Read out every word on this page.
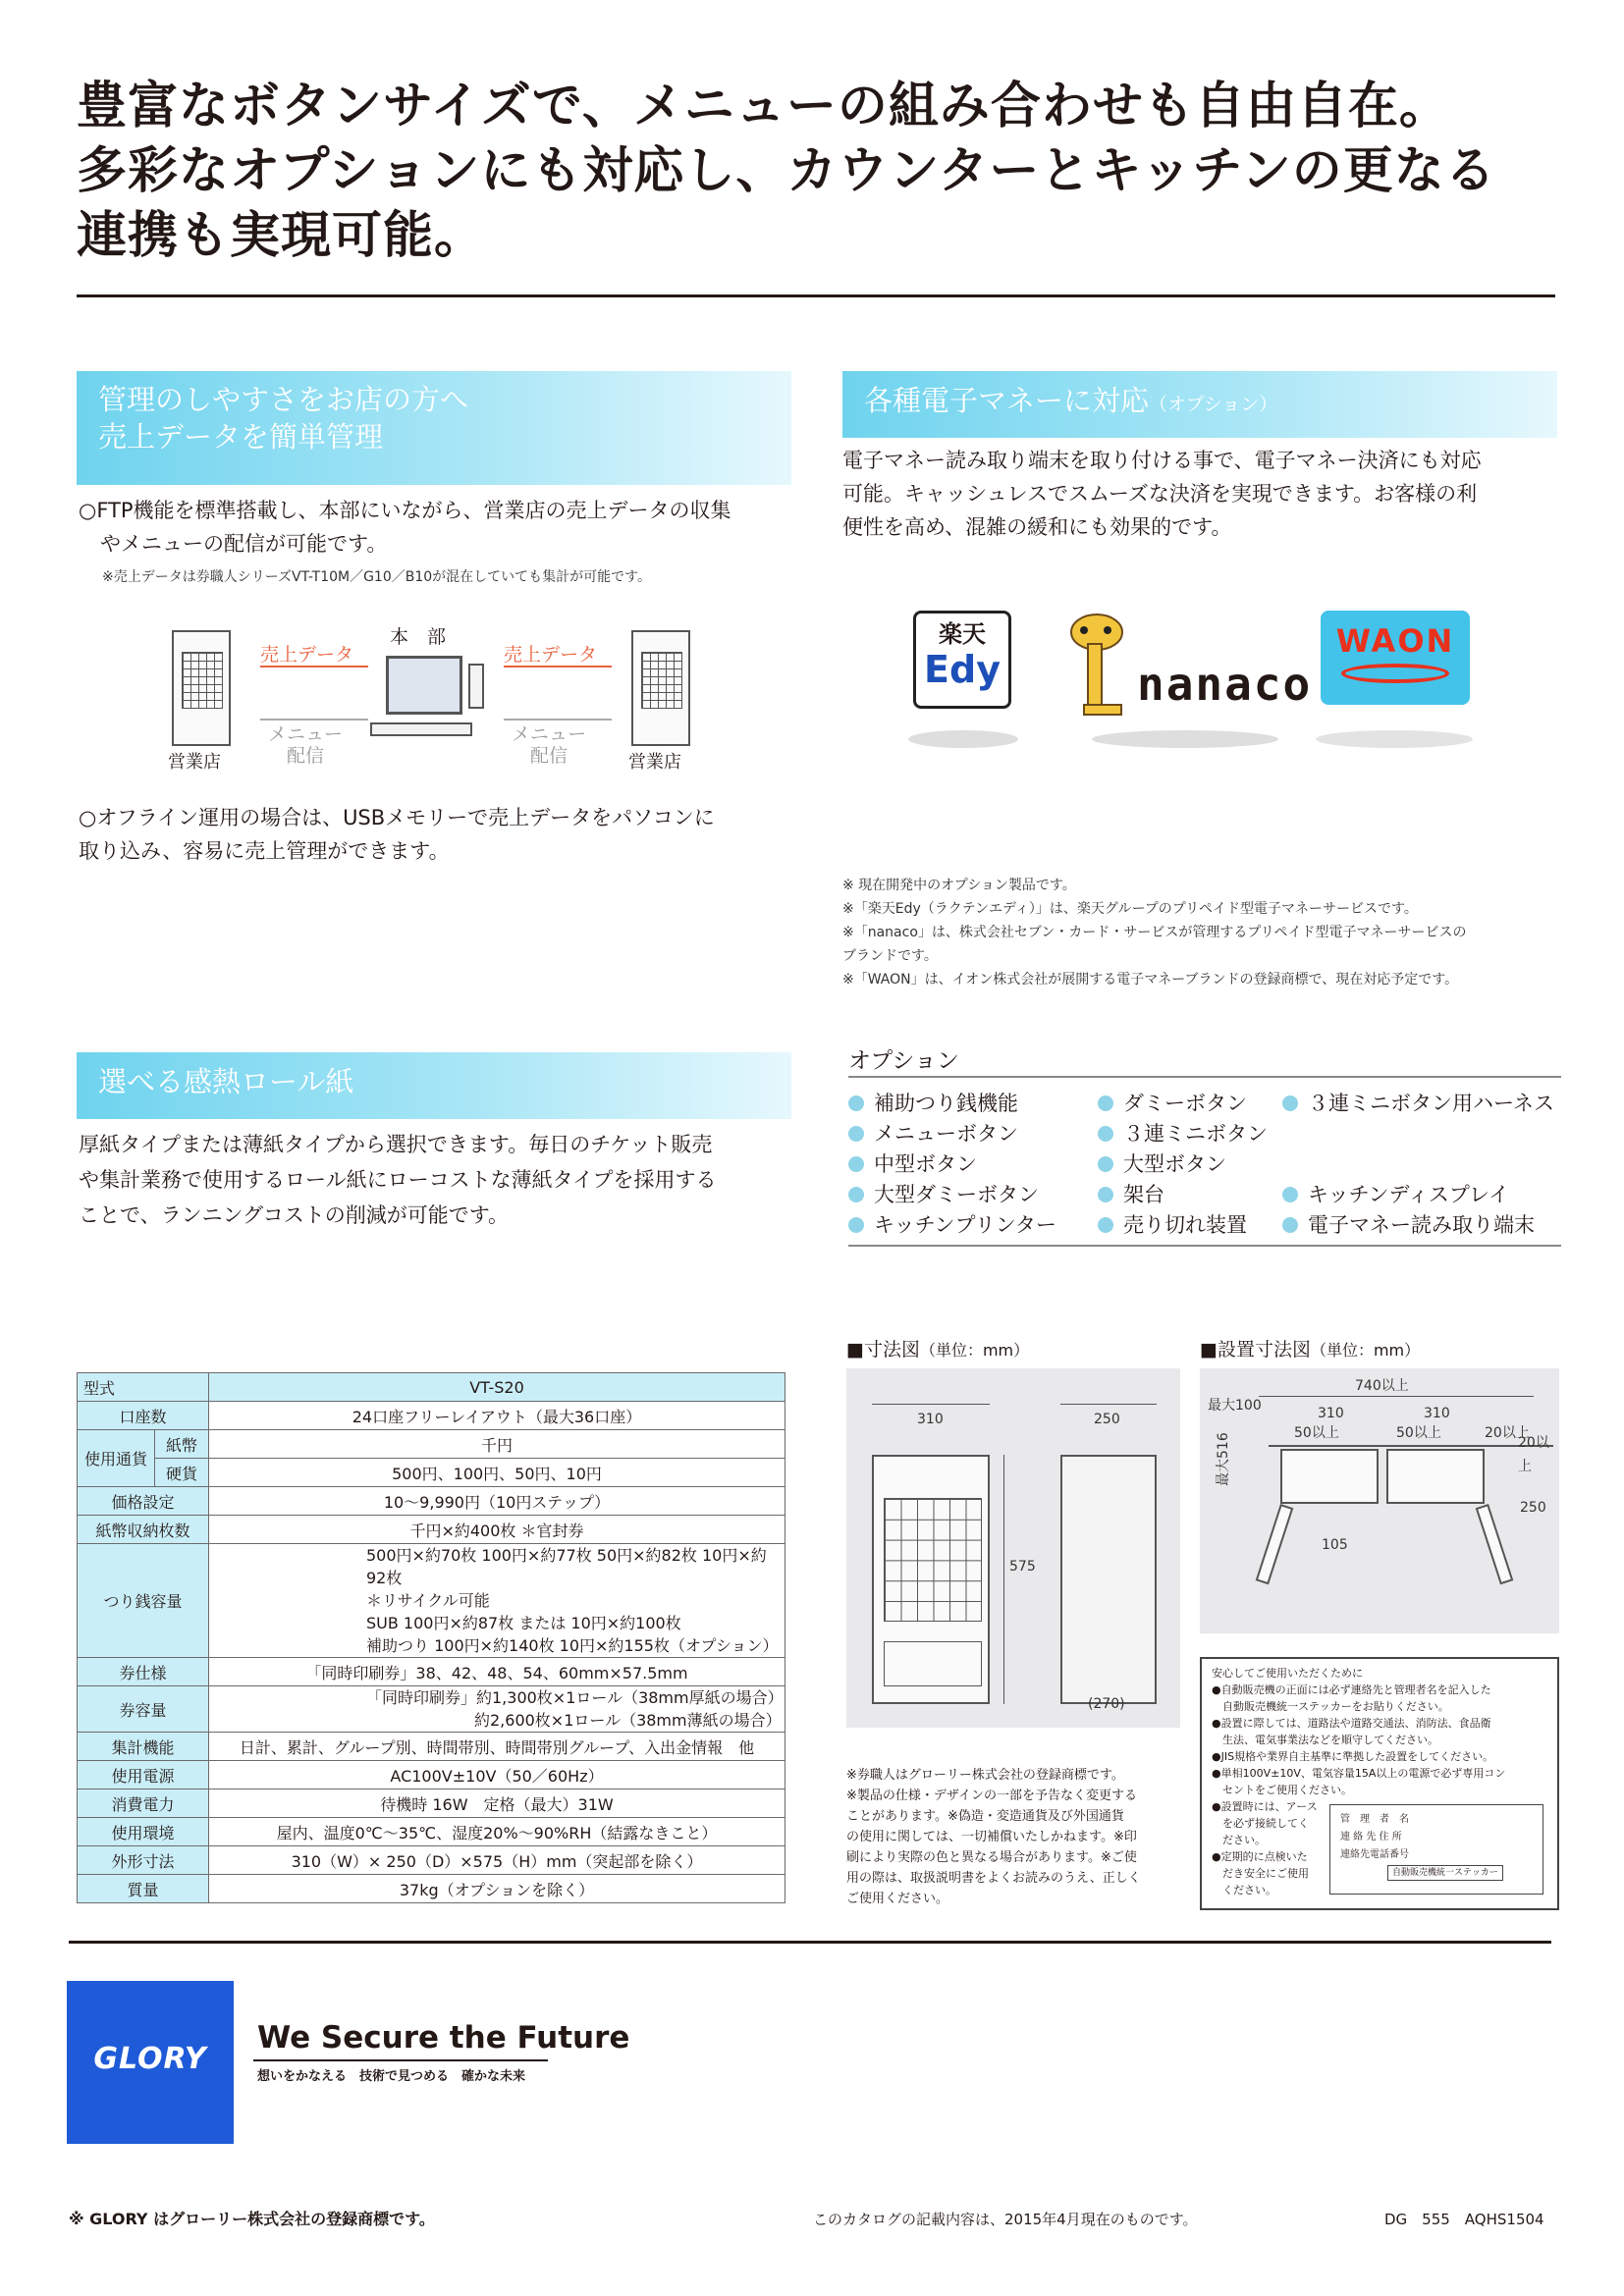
豊富なボタンサイズで、メニューの組み合わせも自由自在。
多彩なオプションにも対応し、カウンターとキッチンの更なる
連携も実現可能。
管理のしやすさをお店の方へ
売上データを簡単管理
○FTP機能を標準搭載し、本部にいながら、営業店の売上データの収集
やメニューの配信が可能です。
※売上データは券職人シリーズVT-T10M／G10／B10が混在していても集計が可能です。
営業店
売上データ
メニュー
配信
本　部
売上データ
メニュー
配信	営業店
○オフライン運用の場合は、USBメモリーで売上データをパソコンに
取り込み、容易に売上管理ができます。
各種電子マネーに対応（オプション）
電子マネー読み取り端末を取り付ける事で、電子マネー決済にも対応
可能。キャッシュレスでスムーズな決済を実現できます。お客様の利
便性を高め、混雑の緩和にも効果的です。
楽天
Edy	nanaco
WAON
※ 現在開発中のオプション製品です。
※「楽天Edy（ラクテンエディ）」は、楽天グループのプリペイド型電子マネーサービスです。
※「nanaco」は、株式会社セブン・カード・サービスが管理するプリペイド型電子マネーサービスの
ブランドです。
※「WAON」は、イオン株式会社が展開する電子マネーブランドの登録商標で、現在対応予定です。
選べる感熱ロール紙
厚紙タイプまたは薄紙タイプから選択できます。毎日のチケット販売
や集計業務で使用するロール紙にローコストな薄紙タイプを採用する
ことで、ランニングコストの削減が可能です。
オプション
補助つり銭機能
メニューボタン
中型ボタン
大型ダミーボタン
キッチンプリンター
ダミーボタン
３連ミニボタン
大型ボタン
架台
売り切れ装置
３連ミニボタン用ハーネス
キッチンディスプレイ
電子マネー読み取り端末
型式		VT-S20
口座数		24口座フリーレイアウト（最大36口座）
使用通貨	紙幣	千円
	硬貨	500円、100円、50円、10円
価格設定		10〜9,990円（10円ステップ）
紙幣収納枚数		千円×約400枚 ＊官封券
つり銭容量		500円×約70枚 100円×約77枚 50円×約82枚 10円×約92枚
＊リサイクル可能
SUB 100円×約87枚 または 10円×約100枚
補助つり 100円×約140枚 10円×約155枚（オプション）

券仕様		「同時印刷券」38、42、48、54、60mm×57.5mm
券容量		「同時印刷券」約1,300枚×1ロール（38mm厚紙の場合）
約2,600枚×1ロール（38mm薄紙の場合）

集計機能		日計、累計、グループ別、時間帯別、時間帯別グループ、入出金情報　他
使用電源		AC100V±10V（50／60Hz）
消費電力		待機時 16W　定格（最大）31W
使用環境		屋内、温度0℃〜35℃、湿度20%〜90%RH（結露なきこと）
外形寸法		310（W）× 250（D）×575（H）mm（突起部を除く）
質量		37kg（オプションを除く）
■寸法図（単位：mm）
310
575
250
(270)
■設置寸法図（単位：mm）
740以上
最大100	310	310
50以上	50以上	20以上
105
最大516	20以上
250
※券職人はグローリー株式会社の登録商標です。
※製品の仕様・デザインの一部を予告なく変更する
ことがあります。※偽造・変造通貨及び外国通貨
の使用に関しては、一切補償いたしかねます。※印
刷により実際の色と異なる場合があります。※ご使
用の際は、取扱説明書をよくお読みのうえ、正しく
ご使用ください。
安心してご使用いただくために
●自動販売機の正面には必ず連絡先と管理者名を記入した
　自動販売機統一ステッカーをお貼りください。
●設置に際しては、道路法や道路交通法、消防法、食品衛
　生法、電気事業法などを順守してください。
●JIS規格や業界自主基準に準拠した設置をしてください。
●単相100V±10V、電気容量15A以上の電源で必ず専用コン
　セントをご使用ください。
●設置時には、アース
　を必ず接続してく
　ださい。
●定期的に点検いた
　だき安全にご使用
　ください。
管　理　者　名
連 絡 先 住 所
連絡先電話番号
自動販売機統一ステッカー
GLORY
We Secure the Future
想いをかなえる　技術で見つめる　確かな未来
※ GLORY はグローリー株式会社の登録商標です。	このカタログの記載内容は、2015年4月現在のものです。	DG　555　AQHS1504
